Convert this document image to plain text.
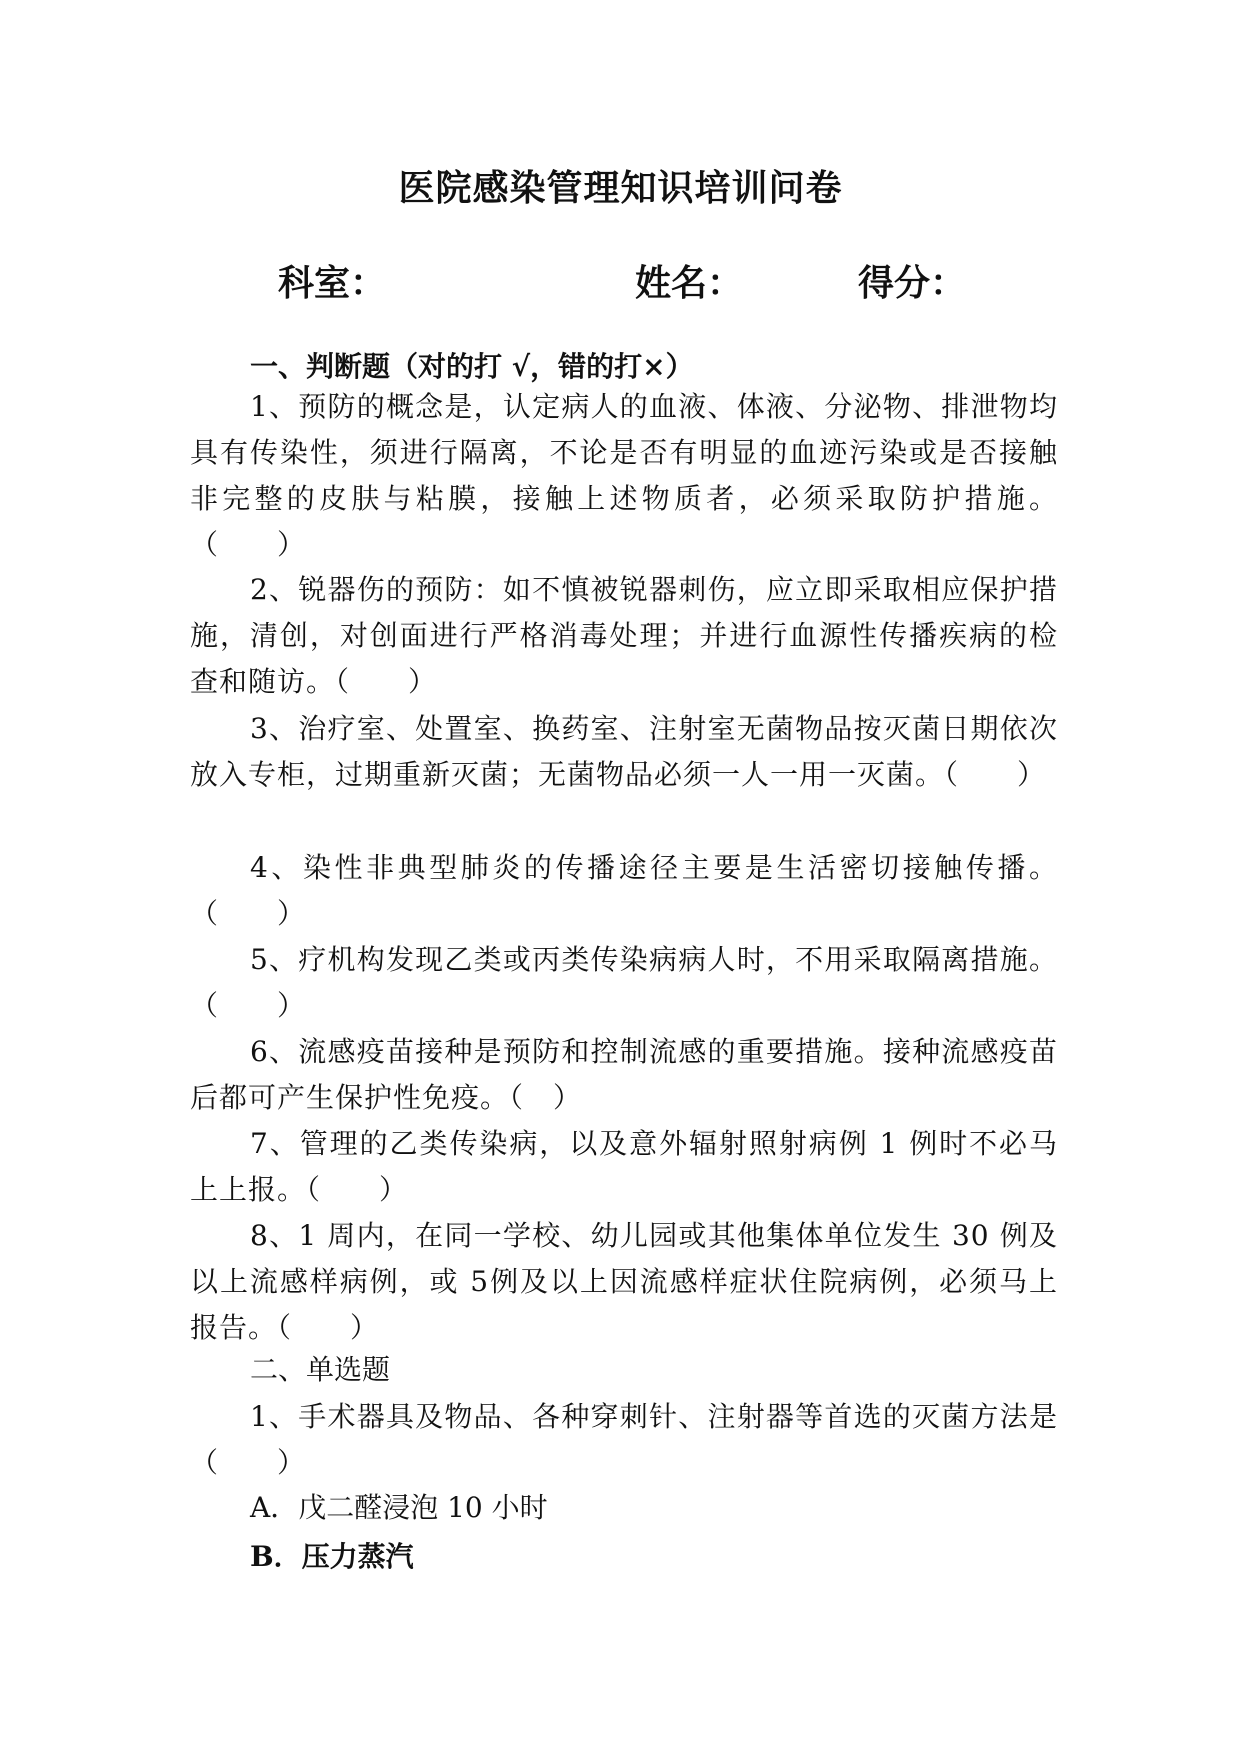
医院感染管理知识培训问卷
科室：	姓名：	得分：
一、判断题（对的打 √，错的打×）
1、预防的概念是，认定病人的血液、体液、分泌物、排泄物均具有传染性，须进行隔离，不论是否有明显的血迹污染或是否接触非完整的皮肤与粘膜，接触上述物质者，必须采取防护措施。（　　）
2、锐器伤的预防：如不慎被锐器刺伤，应立即采取相应保护措施，清创，对创面进行严格消毒处理；并进行血源性传播疾病的检查和随访。（　　）
3、治疗室、处置室、换药室、注射室无菌物品按灭菌日期依次放入专柜，过期重新灭菌；无菌物品必须一人一用一灭菌。（　　）
4、染性非典型肺炎的传播途径主要是生活密切接触传播。（　　）
5、疗机构发现乙类或丙类传染病病人时，不用采取隔离措施。（　　）
6、流感疫苗接种是预防和控制流感的重要措施。接种流感疫苗后都可产生保护性免疫。（　）
7、管理的乙类传染病，以及意外辐射照射病例 1 例时不必马上上报。（　　）
8、1 周内，在同一学校、幼儿园或其他集体单位发生 30 例及以上流感样病例，或 5例及以上因流感样症状住院病例，必须马上报告。（　　）
二、单选题
1、手术器具及物品、各种穿刺针、注射器等首选的灭菌方法是 （　　）
A．戊二醛浸泡 10 小时
B．压力蒸汽
